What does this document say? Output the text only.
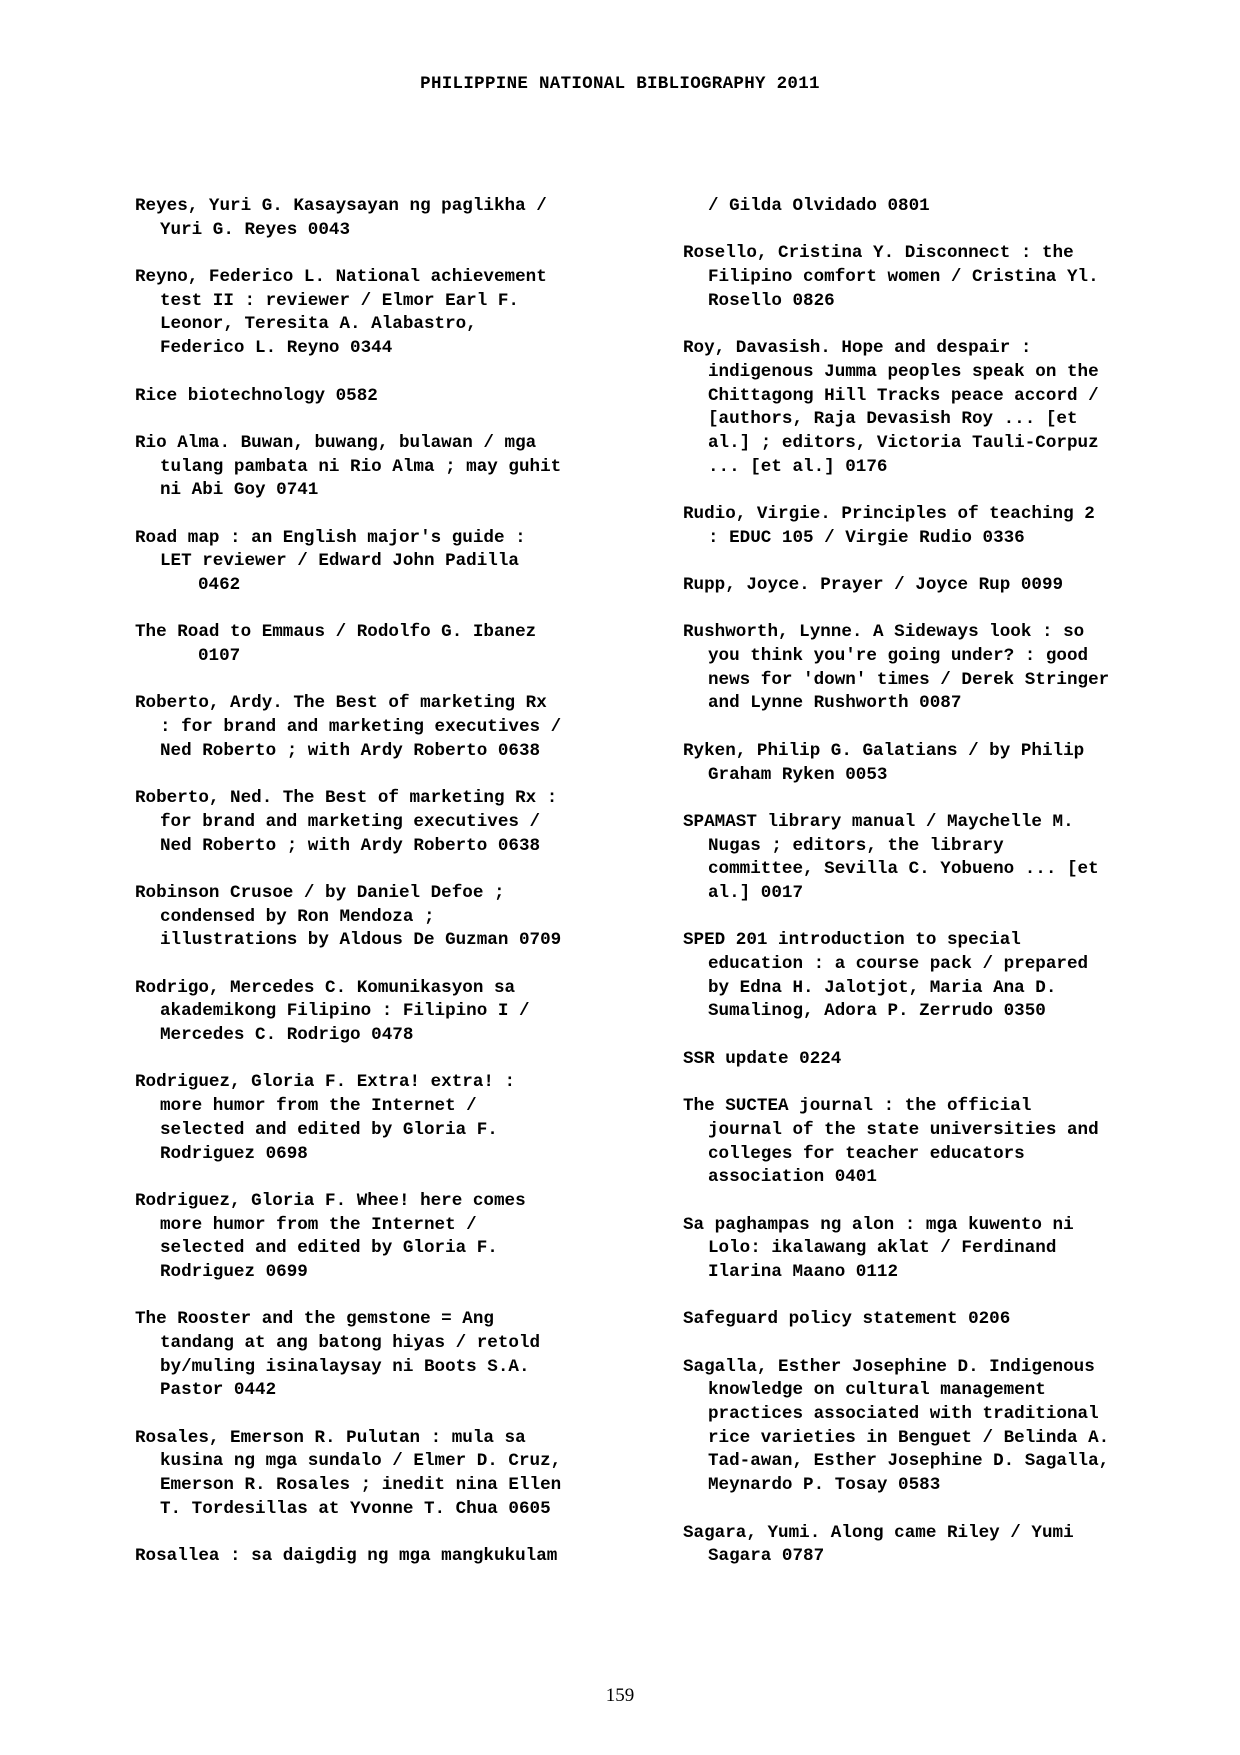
PHILIPPINE NATIONAL BIBLIOGRAPHY 2011
Reyes, Yuri G. Kasaysayan ng paglikha /
Yuri G. Reyes 0043
Reyno, Federico L. National achievement
test II : reviewer / Elmor Earl F.
Leonor, Teresita A. Alabastro,
Federico L. Reyno 0344
Rice biotechnology 0582
Rio Alma. Buwan, buwang, bulawan / mga
tulang pambata ni Rio Alma ; may guhit
ni Abi Goy 0741
Road map : an English major's guide :
LET reviewer / Edward John Padilla
0462
The Road to Emmaus / Rodolfo G. Ibanez
0107
Roberto, Ardy. The Best of marketing Rx
: for brand and marketing executives /
Ned Roberto ; with Ardy Roberto 0638
Roberto, Ned. The Best of marketing Rx :
for brand and marketing executives /
Ned Roberto ; with Ardy Roberto 0638
Robinson Crusoe / by Daniel Defoe ;
condensed by Ron Mendoza ;
illustrations by Aldous De Guzman 0709
Rodrigo, Mercedes C. Komunikasyon sa
akademikong Filipino : Filipino I /
Mercedes C. Rodrigo 0478
Rodriguez, Gloria F. Extra! extra! :
more humor from the Internet /
selected and edited by Gloria F.
Rodriguez 0698
Rodriguez, Gloria F. Whee! here comes
more humor from the Internet /
selected and edited by Gloria F.
Rodriguez 0699
The Rooster and the gemstone = Ang
tandang at ang batong hiyas / retold
by/muling isinalaysay ni Boots S.A.
Pastor 0442
Rosales, Emerson R. Pulutan : mula sa
kusina ng mga sundalo / Elmer D. Cruz,
Emerson R. Rosales ; inedit nina Ellen
T. Tordesillas at Yvonne T. Chua 0605
Rosallea : sa daigdig ng mga mangkukulam
/ Gilda Olvidado 0801
Rosello, Cristina Y. Disconnect : the
Filipino comfort women / Cristina Yl.
Rosello 0826
Roy, Davasish. Hope and despair :
indigenous Jumma peoples speak on the
Chittagong Hill Tracks peace accord /
[authors, Raja Devasish Roy ... [et
al.] ; editors, Victoria Tauli-Corpuz
... [et al.] 0176
Rudio, Virgie. Principles of teaching 2
: EDUC 105 / Virgie Rudio 0336
Rupp, Joyce. Prayer / Joyce Rup 0099
Rushworth, Lynne. A Sideways look : so
you think you're going under? : good
news for 'down' times / Derek Stringer
and Lynne Rushworth 0087
Ryken, Philip G. Galatians / by Philip
Graham Ryken 0053
SPAMAST library manual / Maychelle M.
Nugas ; editors, the library
committee, Sevilla C. Yobueno ... [et
al.] 0017
SPED 201 introduction to special
education : a course pack / prepared
by Edna H. Jalotjot, Maria Ana D.
Sumalinog, Adora P. Zerrudo 0350
SSR update 0224
The SUCTEA journal : the official
journal of the state universities and
colleges for teacher educators
association 0401
Sa paghampas ng alon : mga kuwento ni
Lolo: ikalawang aklat / Ferdinand
Ilarina Maano 0112
Safeguard policy statement 0206
Sagalla, Esther Josephine D. Indigenous
knowledge on cultural management
practices associated with traditional
rice varieties in Benguet / Belinda A.
Tad-awan, Esther Josephine D. Sagalla,
Meynardo P. Tosay 0583
Sagara, Yumi. Along came Riley / Yumi
Sagara 0787
159
